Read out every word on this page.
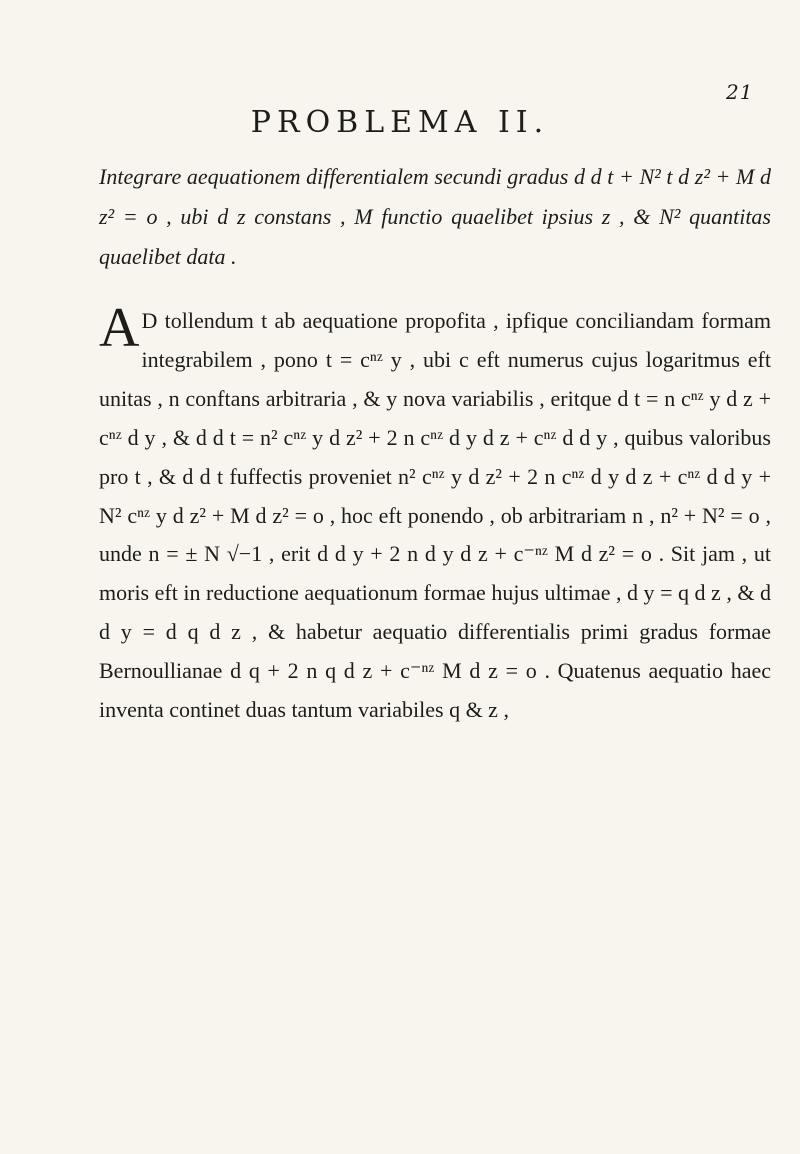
21
PROBLEMA II.
Integrare aequationem differentialem secundi gradus d d t + N² t d z² + M d z² = o , ubi d z constans , M functio quaelibet ipsius z , & N² quantitas quaelibet data .
A D tollendum t ab aequatione propofita , ipfique conciliandam formam integrabilem , pono t = cⁿᶻ y , ubi c eft numerus cujus logaritmus eft unitas , n conftans arbitraria , & y nova variabilis , eritque d t = n cⁿᶻ y d z + cⁿᶻ d y , & d d t = n² cⁿᶻ y d z² + 2 n cⁿᶻ d y d z + cⁿᶻ d d y , quibus valoribus pro t , & d d t fuffectis proveniet n² cⁿᶻ y d z² + 2 n cⁿᶻ d y d z + cⁿᶻ d d y + N² cⁿᶻ y d z² + M d z² = o , hoc eft ponendo , ob arbitrariam n , n² + N² = o , unde n = ± N √−1 , erit d d y + 2 n d y d z + c⁻ⁿᶻ M d z² = o . Sit jam , ut moris eft in reductione aequationum formae hujus ultimae , d y = q d z , & d d y = d q d z , & habetur aequatio differentialis primi gradus formae Bernoullianae d q + 2 n q d z + c⁻ⁿᶻ M d z = o . Quatenus aequatio haec inventa continet duas tantum variabiles q & z ,
